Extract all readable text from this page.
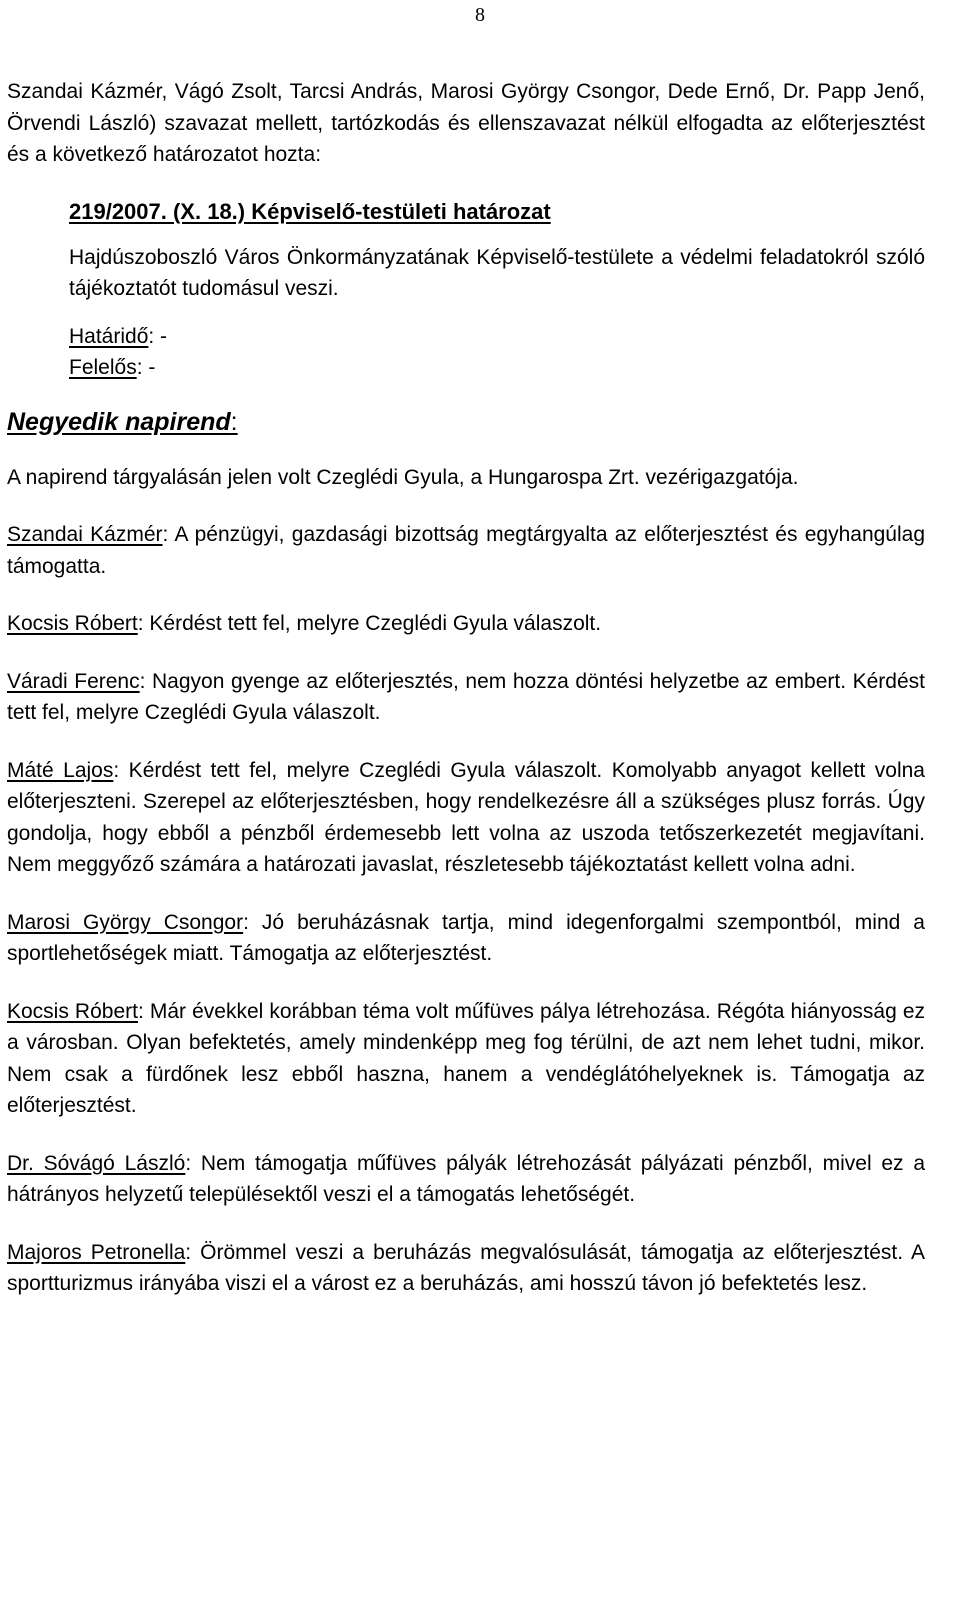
8

Szandai Kázmér, Vágó Zsolt, Tarcsi András, Marosi György Csongor, Dede Ernő, Dr. Papp Jenő, Örvendi László) szavazat mellett, tartózkodás és ellenszavazat nélkül elfogadta az előterjesztést és a következő határozatot hozta:

219/2007. (X. 18.) Képviselő-testületi határozat

Hajdúszoboszló Város Önkormányzatának Képviselő-testülete a védelmi feladatokról szóló tájékoztatót tudomásul veszi.

Határidő: -

Felelős: -

Negyedik napirend:

A napirend tárgyalásán jelen volt Czeglédi Gyula, a Hungarospa Zrt. vezérigazgatója.

Szandai Kázmér: A pénzügyi, gazdasági bizottság megtárgyalta az előterjesztést és egyhangúlag támogatta.

Kocsis Róbert: Kérdést tett fel, melyre Czeglédi Gyula válaszolt.

Váradi Ferenc: Nagyon gyenge az előterjesztés, nem hozza döntési helyzetbe az embert. Kérdést tett fel, melyre Czeglédi Gyula válaszolt.

Máté Lajos: Kérdést tett fel, melyre Czeglédi Gyula válaszolt. Komolyabb anyagot kellett volna előterjeszteni. Szerepel az előterjesztésben, hogy rendelkezésre áll a szükséges plusz forrás. Úgy gondolja, hogy ebből a pénzből érdemesebb lett volna az uszoda tetőszerkezetét megjavítani. Nem meggyőző számára a határozati javaslat, részletesebb tájékoztatást kellett volna adni.

Marosi György Csongor: Jó beruházásnak tartja, mind idegenforgalmi szempontból, mind a sportlehetőségek miatt. Támogatja az előterjesztést.

Kocsis Róbert: Már évekkel korábban téma volt műfüves pálya létrehozása. Régóta hiányosság ez a városban. Olyan befektetés, amely mindenképp meg fog térülni, de azt nem lehet tudni, mikor. Nem csak a fürdőnek lesz ebből haszna, hanem a vendéglátóhelyeknek is. Támogatja az előterjesztést.

Dr. Sóvágó László: Nem támogatja műfüves pályák létrehozását pályázati pénzből, mivel ez a hátrányos helyzetű településektől veszi el a támogatás lehetőségét.

Majoros Petronella: Örömmel veszi a beruházás megvalósulását, támogatja az előterjesztést. A sportturizmus irányába viszi el a várost ez a beruházás, ami hosszú távon jó befektetés lesz.
